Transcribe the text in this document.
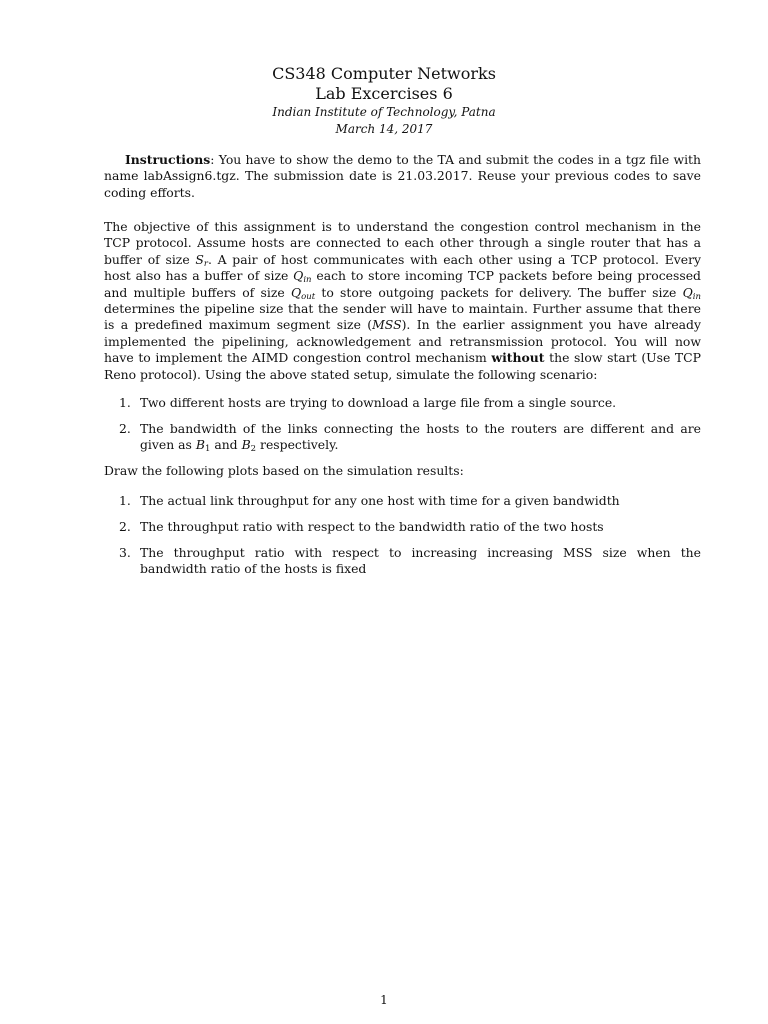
CS348 Computer Networks
Lab Excercises 6
Indian Institute of Technology, Patna
March 14, 2017

Instructions: You have to show the demo to the TA and submit the codes in a tgz file with name labAssign6.tgz. The submission date is 21.03.2017. Reuse your previous codes to save coding efforts.

The objective of this assignment is to understand the congestion control mechanism in the TCP protocol. Assume hosts are connected to each other through a single router that has a buffer of size $S_r$. A pair of host communicates with each other using a TCP protocol. Every host also has a buffer of size $Q_{in}$ each to store incoming TCP packets before being processed and multiple buffers of size $Q_{out}$ to store outgoing packets for delivery. The buffer size $Q_{in}$ determines the pipeline size that the sender will have to maintain. Further assume that there is a predefined maximum segment size (MSS). In the earlier assignment you have already implemented the pipelining, acknowledgement and retransmission protocol. You will now have to implement the AIMD congestion control mechanism without the slow start (Use TCP Reno protocol). Using the above stated setup, simulate the following scenario:

1. Two different hosts are trying to download a large file from a single source.
2. The bandwidth of the links connecting the hosts to the routers are different and are given as $B_1$ and $B_2$ respectively.

Draw the following plots based on the simulation results:

1. The actual link throughput for any one host with time for a given bandwidth
2. The throughput ratio with respect to the bandwidth ratio of the two hosts
3. The throughput ratio with respect to increasing increasing MSS size when the bandwidth ratio of the hosts is fixed
1
